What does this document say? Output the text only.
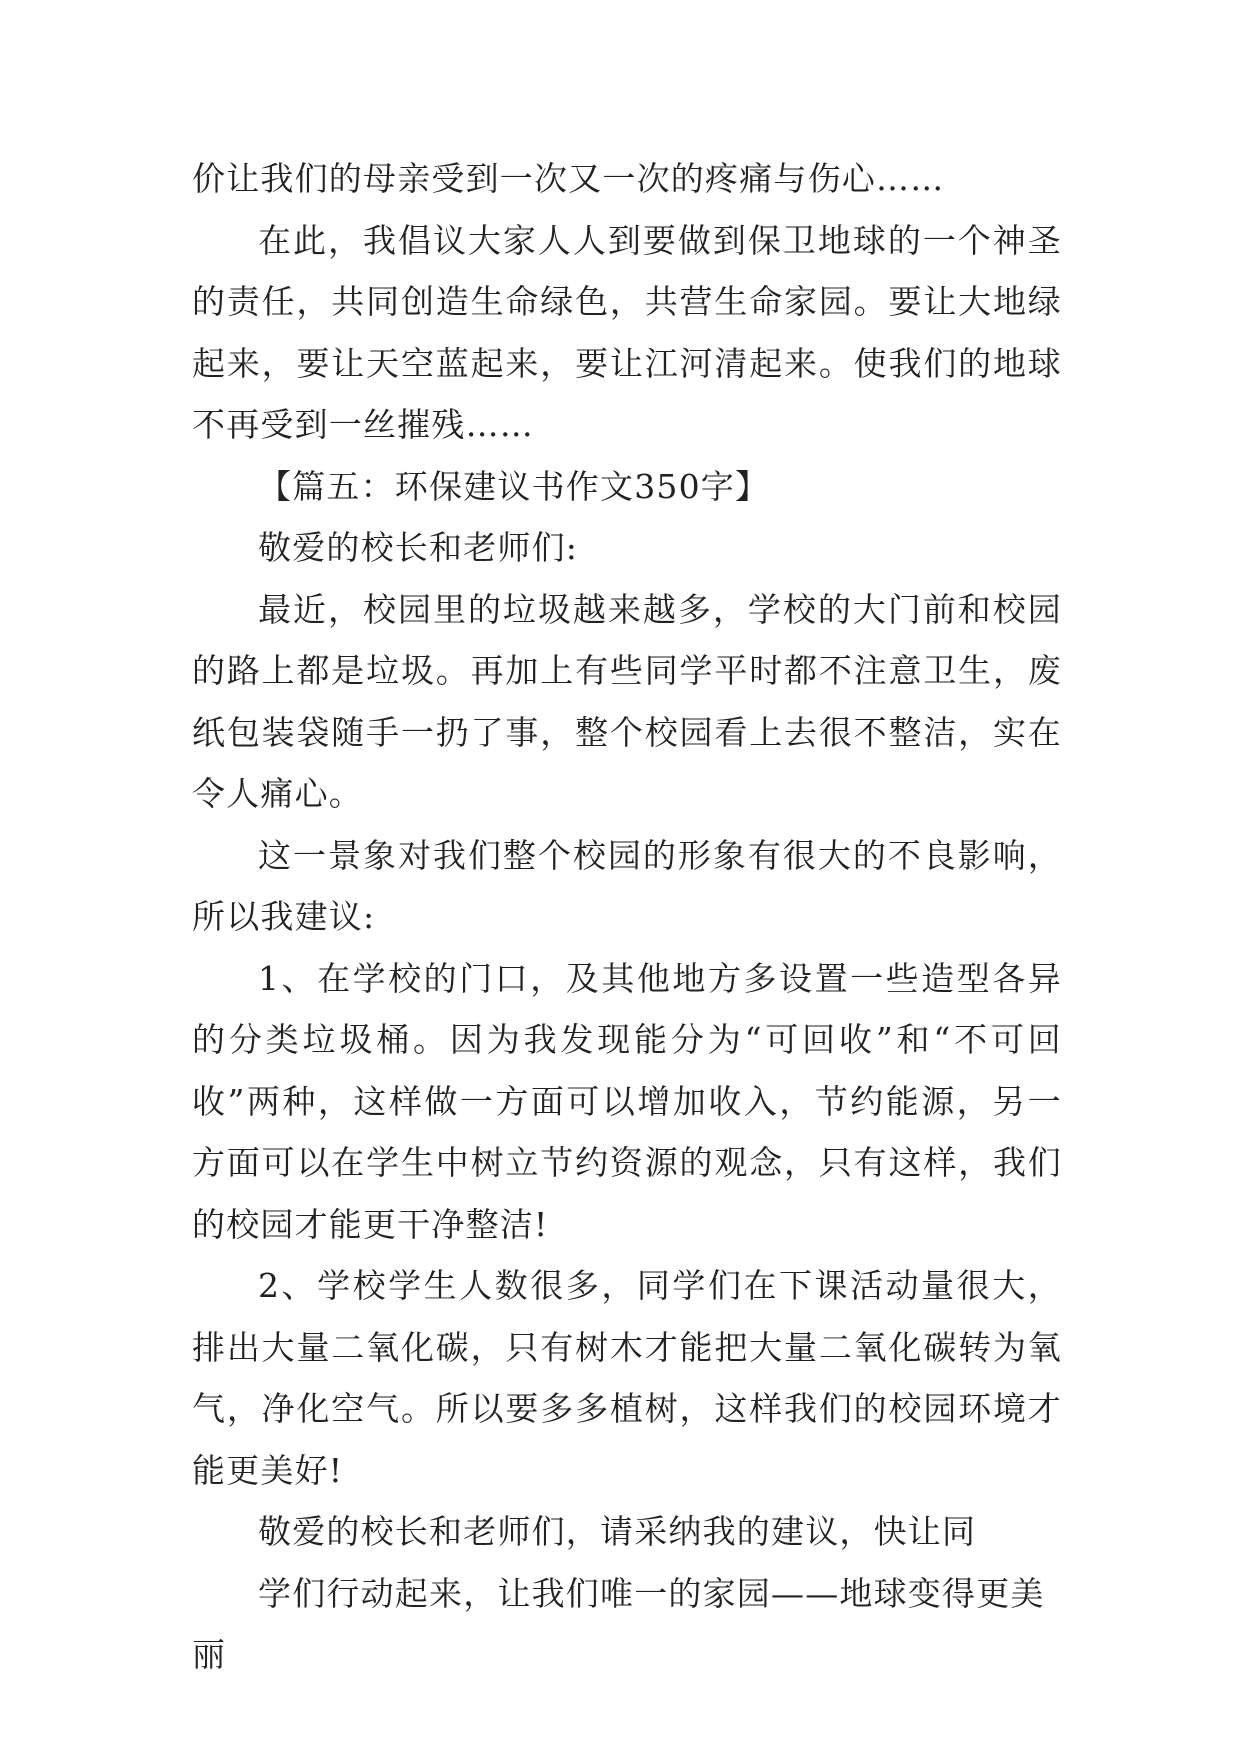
价让我们的母亲受到一次又一次的疼痛与伤心……

在此，我倡议大家人人到要做到保卫地球的一个神圣的责任，共同创造生命绿色，共营生命家园。要让大地绿起来，要让天空蓝起来，要让江河清起来。使我们的地球不再受到一丝摧残……

【篇五：环保建议书作文350字】

敬爱的校长和老师们:

最近，校园里的垃圾越来越多，学校的大门前和校园的路上都是垃圾。再加上有些同学平时都不注意卫生，废纸包装袋随手一扔了事，整个校园看上去很不整洁，实在令人痛心。

这一景象对我们整个校园的形象有很大的不良影响，所以我建议:

1、在学校的门口，及其他地方多设置一些造型各异的分类垃圾桶。因为我发现能分为“可回收”和“不可回收”两种，这样做一方面可以增加收入，节约能源，另一方面可以在学生中树立节约资源的观念，只有这样，我们的校园才能更干净整洁!

2、学校学生人数很多，同学们在下课活动量很大，排出大量二氧化碳，只有树木才能把大量二氧化碳转为氧气，净化空气。所以要多多植树，这样我们的校园环境才能更美好!

敬爱的校长和老师们，请采纳我的建议，快让同

学们行动起来，让我们唯一的家园——地球变得更美丽
